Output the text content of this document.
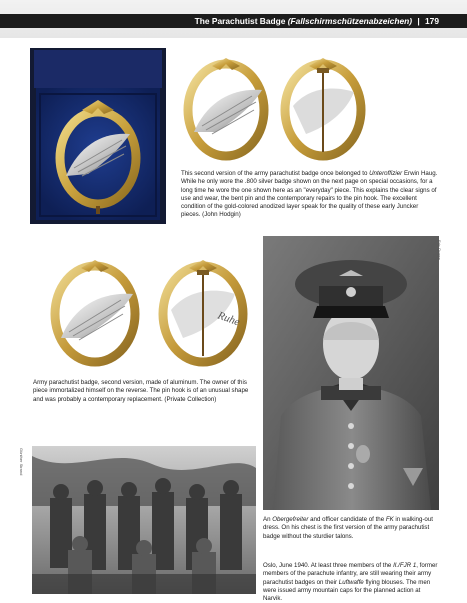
The Parachutist Badge (Fallschirmschützenabzeichen) | 179
This second version of the army parachutist badge once belonged to Unteroffizier Erwin Haug. While he only wore the .800 silver badge shown on the next page on special occasions, for a long time he wore the one shown here as an "everyday" piece. This explains the clear signs of use and wear, the bent pin and the contemporary repairs to the pin hook. The excellent condition of the gold-colored anodized layer speak for the quality of these early Juncker pieces. (John Hodgin)
Ruhe
Army parachutist badge, second version, made of aluminum. The owner of this piece immortalized himself on the reverse. The pin hook is of an unusual shape and was probably a contemporary replacement. (Private Collection)
Eric Queen
Günther Strand
An Obergefreiter and officer candidate of the FK in walking-out dress. On his chest is the first version of the army parachutist badge without the sturdier talons.
Oslo, June 1940. At least three members of the II./FJR 1, former members of the parachute infantry, are still wearing their army parachutist badges on their Luftwaffe flying blouses. The men were issued army mountain caps for the planned action at Narvik.
